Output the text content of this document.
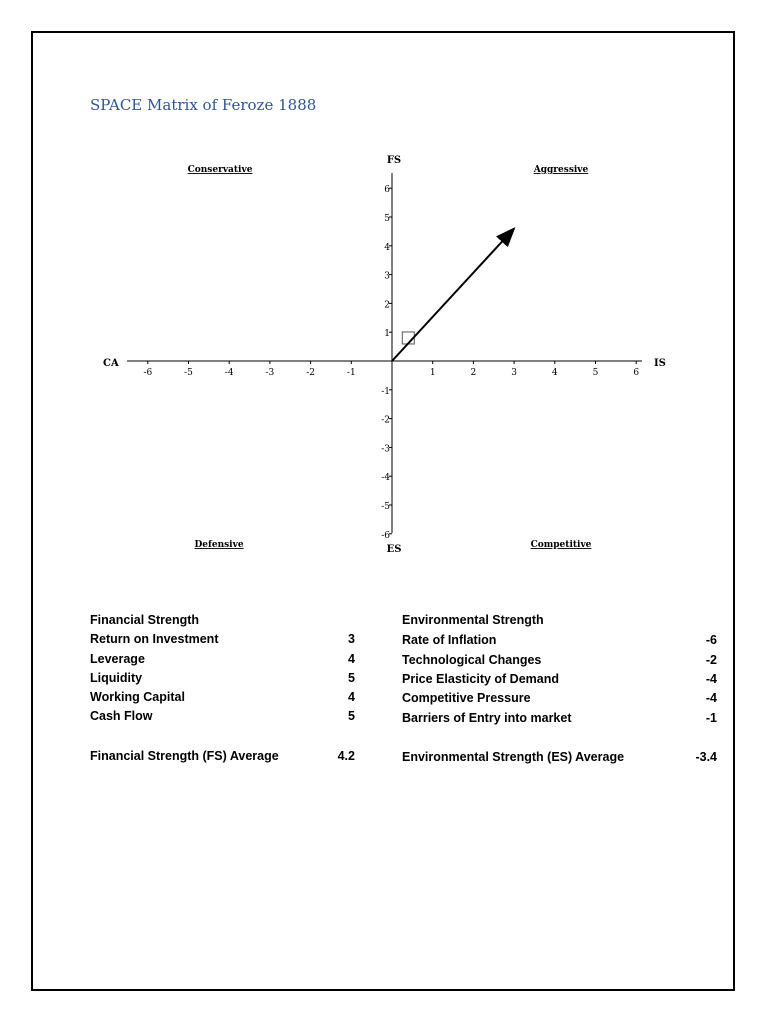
SPACE Matrix of Feroze 1888
-6	-5	-4	-3	-2	-1	1	2	3	4	5	6
6
5
4
3
2
1
-1
-2
-3
-4
-5
-6
FS
ES
CA	IS
Conservative	Aggressive
Defensive	Competitive
Financial Strength
Return on Investment	3
Leverage	4
Liquidity	5
Working Capital	4
Cash Flow	5
Financial Strength (FS) Average	4.2
Environmental Strength
Rate of Inflation	-6
Technological Changes	-2
Price Elasticity of Demand	-4
Competitive Pressure	-4
Barriers of Entry into market	-1
Environmental Strength (ES) Average	-3.4
